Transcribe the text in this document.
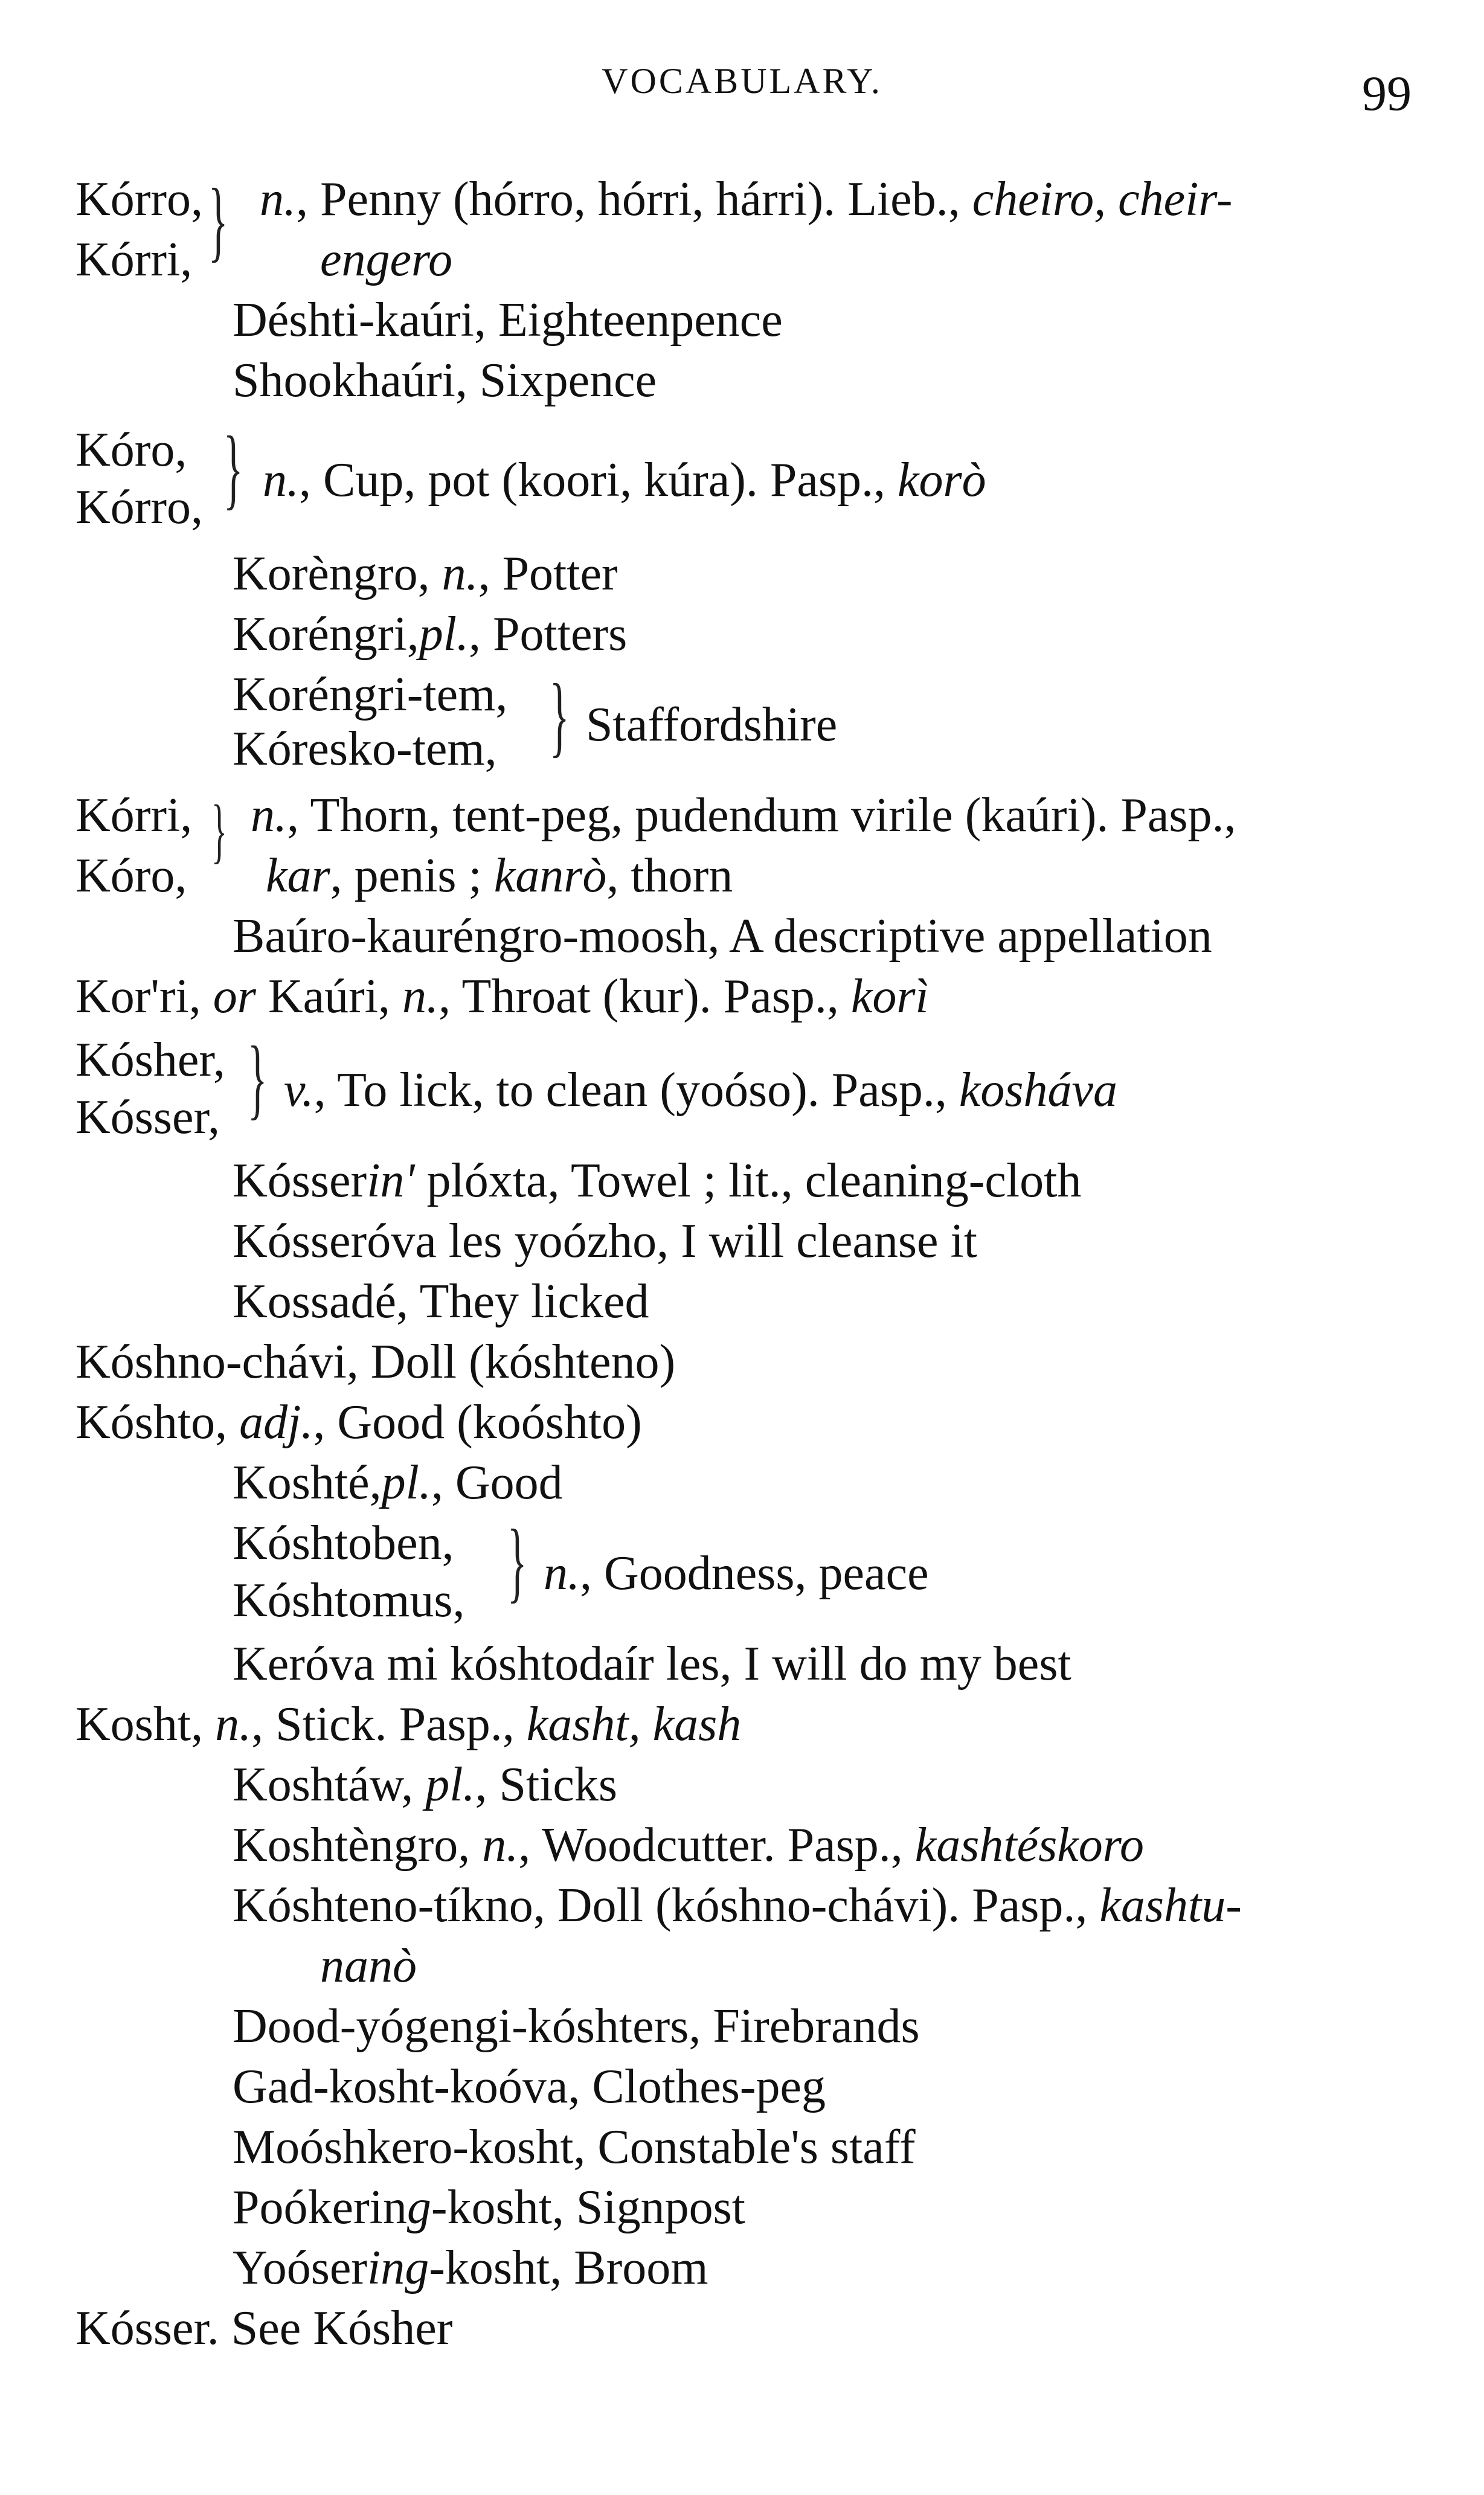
VOCABULARY.	99
Kórro, } n., Penny (hórro, hórri, hárri). Lieb., cheiro, cheir-
Kórri,	engero
Déshti-kaúri, Eighteenpence
Shookhaúri, Sixpence
Kóro,
Kórro, } n., Cup, pot (koori, kúra). Pasp., korò
Korèngro, n., Potter
Koréngri,pl., Potters
Koréngri-tem,
Kóresko-tem, } Staffordshire
Kórri, } n., Thorn, tent-peg, pudendum virile (kaúri). Pasp.,
Kóro, kar, penis ; kanrò, thorn
Baúro-kauréngro-moosh, A descriptive appellation
Kor'ri, or Kaúri, n., Throat (kur). Pasp., korì
Kósher,
Kósser, } v., To lick, to clean (yoóso). Pasp., koshávа
Kósserin' plóxta, Towel ; lit., cleaning-cloth
Kósseróva les yoózho, I will cleanse it
Kossadé, They licked
Kóshno-chávi, Doll (kóshteno)
Kóshto, adj., Good (koóshto)
Koshté,pl., Good
Kóshtoben,
Kóshtomus, } n., Goodness, peace
Keróva mi kóshtodaír les, I will do my best
Kosht, n., Stick. Pasp., kasht, kash
Koshtáw, pl., Sticks
Koshtèngro, n., Woodcutter. Pasp., kashtéskoro
Kóshteno-tíkno, Doll (kóshno-chávi). Pasp., kashtu-
nanò
Dood-yógengi-kóshters, Firebrands
Gad-kosht-koóva, Clothes-peg
Moóshkero-kosht, Constable's staff
Poókering-kosht, Signpost
Yoósering-kosht, Broom
Kósser. See Kósher
